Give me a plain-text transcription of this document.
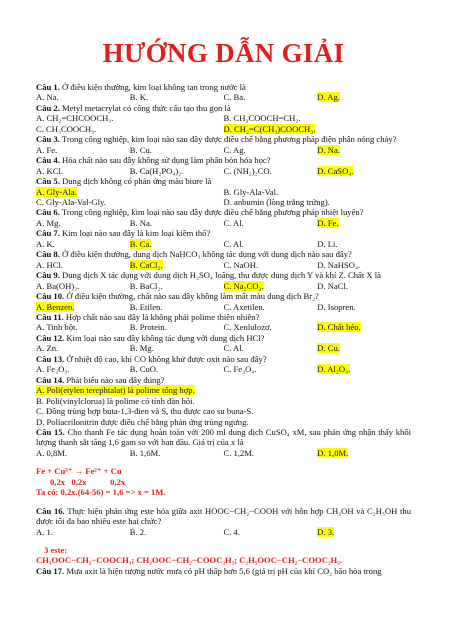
HƯỚNG DẪN GIẢI
Câu 1. Ở điều kiện thường, kim loại không tan trong nước là
A. Na.	B. K.	C. Ba.	D. Ag.
Câu 2. Metyl metacrylat có công thức cấu tạo thu gọn là
A. CH₂=CHCOOCH₃.	B. CH₃COOCH=CH₂.
C. CH₃COOCH₃.	D. CH₂=C(CH₃)COOCH₃.
Câu 3. Trong công nghiệp, kim loại nào sau đây được điều chế bằng phương pháp điện phân nóng chảy?
A. Fe.	B. Cu.	C. Ag.	D. Na.
Câu 4. Hóa chất nào sau đây không sử dụng làm phân bón hóa học?
A. KCl.	B. Ca(H₂PO₄)₂.	C. (NH₂)₂CO.	D. CaSO₄.
Câu 5. Dung dịch không có phản ứng màu biure là
A. Gly-Ala.	B. Gly-Ala-Val.
C. Gly-Ala-Val-Gly.	D. anbumin (lòng trắng trứng).
Câu 6. Trong công nghiệp, kim loại nào sau đây được điều chế bằng phương pháp nhiệt luyện?
A. Mg.	B. Na.	C. Al.	D. Fe.
Câu 7. Kim loại nào sau đây là kim loại kiềm thổ?
A. K.	B. Ca.	C. Al.	D. Li.
Câu 8. Ở điều kiện thường, dung dịch NaHCO₃ không tác dụng với dung dịch nào sau đây?
A. HCl.	B. CaCl₂.	C. NaOH.	D. NaHSO₄.
Câu 9. Dung dịch X tác dụng với dung dịch H₂SO₄ loãng, thu được dung dịch Y và khí Z. Chất X là
A. Ba(OH)₂.	B. BaCl₂.	C. Na₂CO₃.	D. NaCl.
Câu 10. Ở điều kiện thường, chất nào sau đây không làm mất màu dung dịch Br₂?
A. Benzen.	B. Etilen.	C. Axetilen.	D. Isopren.
Câu 11. Hợp chất nào sau đây là không phải polime thiên nhiên?
A. Tinh bột.	B. Protein.	C. Xenlulozơ.	D. Chất béo.
Câu 12. Kim loại nào sau đây không tác dụng với dung dịch HCl?
A. Zn.	B. Mg.	C. Al.	D. Cu.
Câu 13. Ở nhiệt độ cao, khí CO không khử được oxit nào sau đây?
A. Fe₂O₃.	B. CuO.	C. Fe₃O₄.	D. Al₂O₃.
Câu 14. Phát biểu nào sau đây đúng?
A. Poli(etylen terephtalat) là polime tổng hợp.
B. Poli(vinylclorua) là polime có tính đàn hồi.
C. Đồng trùng hợp buta-1,3-đien và S, thu được cao su buna-S.
D. Poliacrilonitrin được điều chế bằng phản ứng trùng ngưng.
Câu 15. Cho thanh Fe tác dụng hoàn toàn với 200 ml dung dịch CuSO₄ xM, sau phản ứng nhận thấy khối lượng thanh sắt tăng 1,6 gam so với ban đầu. Giá trị của x là
A. 0,8M.	B. 1,6M.	C. 1,2M.	D. 1,0M.
Fe + Cu²⁺ → Fe²⁺ + Cu
0,2x   0,2x           0,2x
Ta có: 0,2x.(64-56) = 1,6 => x = 1M.
Câu 16. Thực hiện phản ứng este hóa giữa axit HOOC−CH₂−COOH với hỗn hợp CH₃OH và C₂H₅OH thu được tối đa bao nhiêu este hai chức?
A. 1.	B. 2.	C. 4.	D. 3.
3 este:
CH₃OOC−CH₂−COOCH₃; CH₃OOC−CH₂−COOC₂H₅; C₂H₅OOC−CH₂−COOC₂H₅.
Câu 17. Mưa axit là hiện tượng nước mưa có pH thấp hơn 5,6 (giá trị pH của khí CO₂ bão hòa trong
